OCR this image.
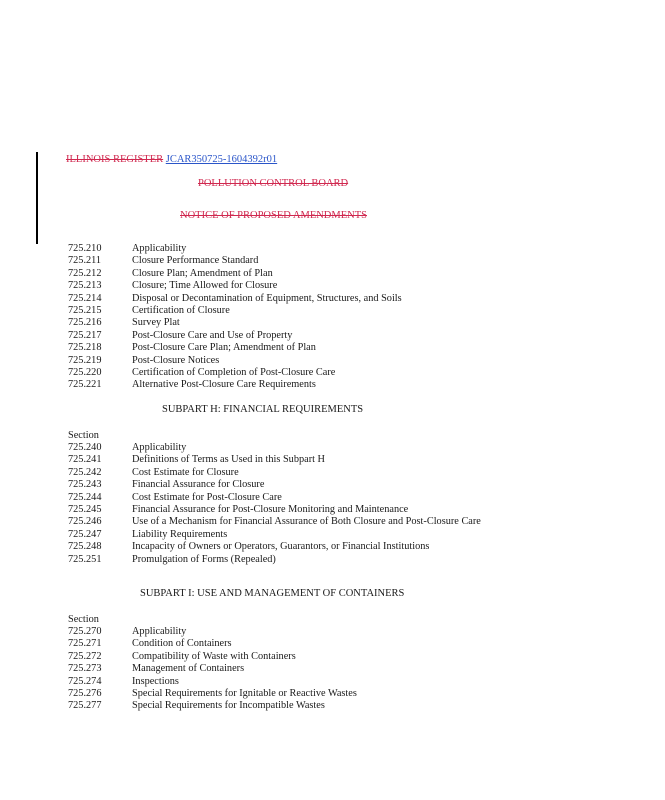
ILLINOIS REGISTER JCAR350725-1604392r01
POLLUTION CONTROL BOARD
NOTICE OF PROPOSED AMENDMENTS
725.210	Applicability
725.211	Closure Performance Standard
725.212	Closure Plan; Amendment of Plan
725.213	Closure; Time Allowed for Closure
725.214	Disposal or Decontamination of Equipment, Structures, and Soils
725.215	Certification of Closure
725.216	Survey Plat
725.217	Post-Closure Care and Use of Property
725.218	Post-Closure Care Plan; Amendment of Plan
725.219	Post-Closure Notices
725.220	Certification of Completion of Post-Closure Care
725.221	Alternative Post-Closure Care Requirements
SUBPART H: FINANCIAL REQUIREMENTS
Section
725.240	Applicability
725.241	Definitions of Terms as Used in this Subpart H
725.242	Cost Estimate for Closure
725.243	Financial Assurance for Closure
725.244	Cost Estimate for Post-Closure Care
725.245	Financial Assurance for Post-Closure Monitoring and Maintenance
725.246	Use of a Mechanism for Financial Assurance of Both Closure and Post-Closure Care
725.247	Liability Requirements
725.248	Incapacity of Owners or Operators, Guarantors, or Financial Institutions
725.251	Promulgation of Forms (Repealed)
SUBPART I: USE AND MANAGEMENT OF CONTAINERS
Section
725.270	Applicability
725.271	Condition of Containers
725.272	Compatibility of Waste with Containers
725.273	Management of Containers
725.274	Inspections
725.276	Special Requirements for Ignitable or Reactive Wastes
725.277	Special Requirements for Incompatible Wastes
